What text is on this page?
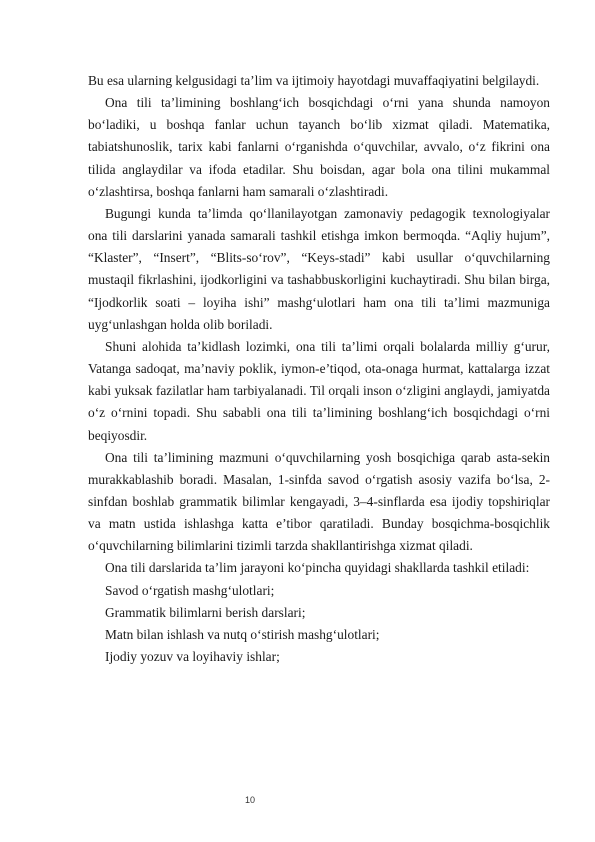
Bu esa ularning kelgusidagi ta’lim va ijtimoiy hayotdagi muvaffaqiyatini belgilaydi.

Ona tili ta’limining boshlang‘ich bosqichdagi o‘rni yana shunda namoyon bo‘ladiki, u boshqa fanlar uchun tayanch bo‘lib xizmat qiladi. Matematika, tabiatshunoslik, tarix kabi fanlarni o‘rganishda o‘quvchilar, avvalo, o‘z fikrini ona tilida anglaydilar va ifoda etadilar. Shu boisdan, agar bola ona tilini mukammal o‘zlashtirsa, boshqa fanlarni ham samarali o‘zlashtiradi.

Bugungi kunda ta’limda qo‘llanilayotgan zamonaviy pedagogik texnologiyalar ona tili darslarini yanada samarali tashkil etishga imkon bermoqda. “Aqliy hujum”, “Klaster”, “Insert”, “Blits-so‘rov”, “Keys-stadi” kabi usullar o‘quvchilarning mustaqil fikrlashini, ijodkorligini va tashabbuskorligini kuchaytiradi. Shu bilan birga, “Ijodkorlik soati – loyiha ishi” mashg‘ulotlari ham ona tili ta’limi mazmuniga uyg‘unlashgan holda olib boriladi.

Shuni alohida ta’kidlash lozimki, ona tili ta’limi orqali bolalarda milliy g‘urur, Vatanga sadoqat, ma’naviy poklik, iymon-e’tiqod, ota-onaga hurmat, kattalarga izzat kabi yuksak fazilatlar ham tarbiyalanadi. Til orqali inson o‘zligini anglaydi, jamiyatda o‘z o‘rnini topadi. Shu sababli ona tili ta’limining boshlang‘ich bosqichdagi o‘rni beqiyosdir.

Ona tili ta’limining mazmuni o‘quvchilarning yosh bosqichiga qarab asta-sekin murakkablashib boradi. Masalan, 1-sinfda savod o‘rgatish asosiy vazifa bo‘lsa, 2-sinfdan boshlab grammatik bilimlar kengayadi, 3–4-sinflarda esa ijodiy topshiriqlar va matn ustida ishlashga katta e’tibor qaratiladi. Bunday bosqichma-bosqichlik o‘quvchilarning bilimlarini tizimli tarzda shakllantirishga xizmat qiladi.

Ona tili darslarida ta’lim jarayoni ko‘pincha quyidagi shakllarda tashkil etiladi:

Savod o‘rgatish mashg‘ulotlari;

Grammatik bilimlarni berish darslari;

Matn bilan ishlash va nutq o‘stirish mashg‘ulotlari;

Ijodiy yozuv va loyihaviy ishlar;

10
